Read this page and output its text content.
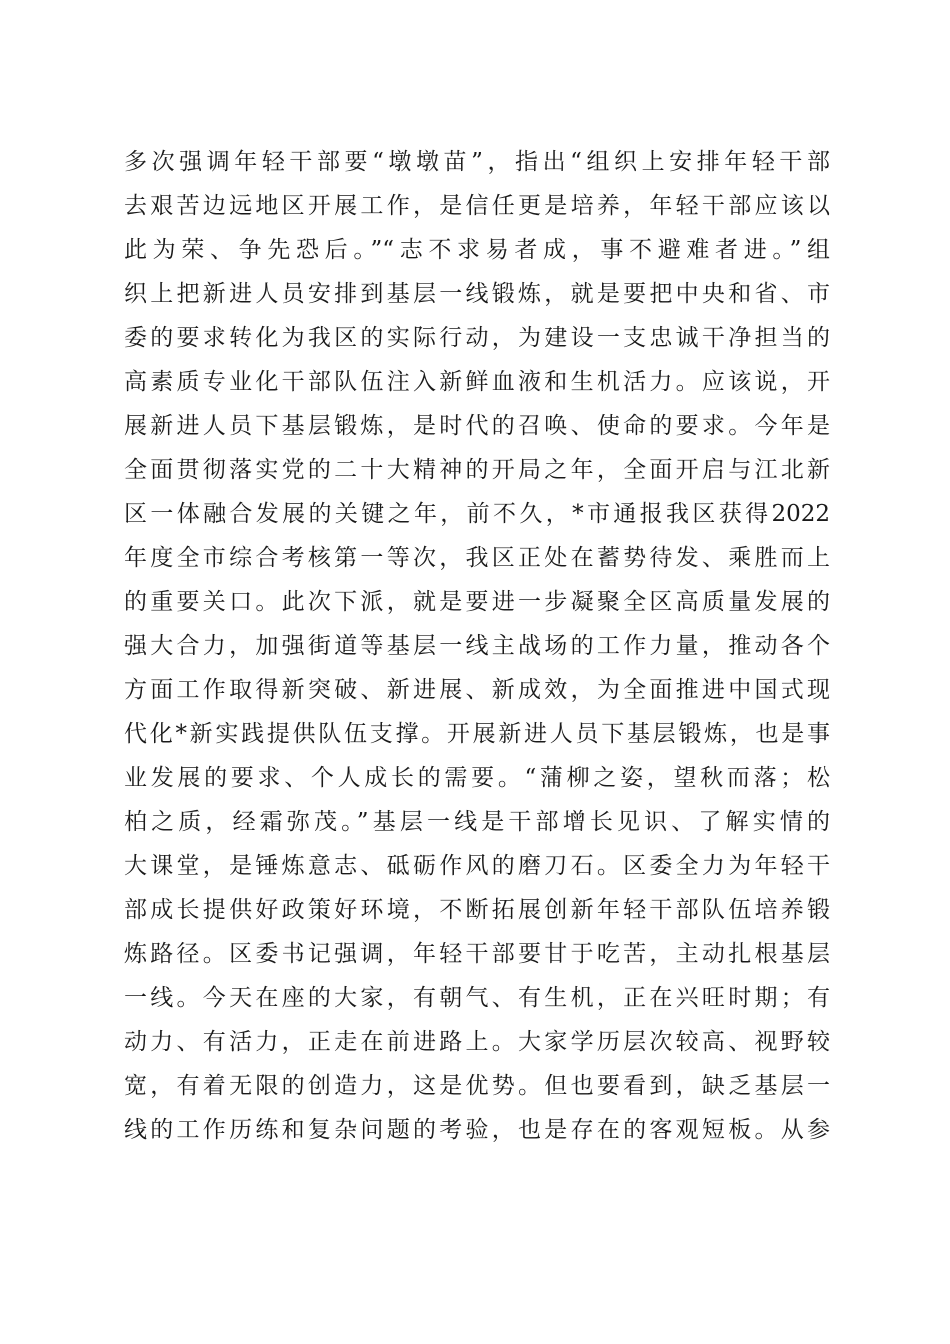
多次强调年轻干部要“墩墩苗”，指出“组织上安排年轻干部
去艰苦边远地区开展工作，是信任更是培养，年轻干部应该以
此为荣、争先恐后。”“志不求易者成，事不避难者进。”组
织上把新进人员安排到基层一线锻炼，就是要把中央和省、市
委的要求转化为我区的实际行动，为建设一支忠诚干净担当的
高素质专业化干部队伍注入新鲜血液和生机活力。应该说，开
展新进人员下基层锻炼，是时代的召唤、使命的要求。今年是
全面贯彻落实党的二十大精神的开局之年，全面开启与江北新
区一体融合发展的关键之年，前不久，*市通报我区获得2022
年度全市综合考核第一等次，我区正处在蓄势待发、乘胜而上
的重要关口。此次下派，就是要进一步凝聚全区高质量发展的
强大合力，加强街道等基层一线主战场的工作力量，推动各个
方面工作取得新突破、新进展、新成效，为全面推进中国式现
代化*新实践提供队伍支撑。开展新进人员下基层锻炼，也是事
业发展的要求、个人成长的需要。“蒲柳之姿，望秋而落；松
柏之质，经霜弥茂。”基层一线是干部增长见识、了解实情的
大课堂，是锤炼意志、砥砺作风的磨刀石。区委全力为年轻干
部成长提供好政策好环境，不断拓展创新年轻干部队伍培养锻
炼路径。区委书记强调，年轻干部要甘于吃苦，主动扎根基层
一线。今天在座的大家，有朝气、有生机，正在兴旺时期；有
动力、有活力，正走在前进路上。大家学历层次较高、视野较
宽，有着无限的创造力，这是优势。但也要看到，缺乏基层一
线的工作历练和复杂问题的考验，也是存在的客观短板。从参
